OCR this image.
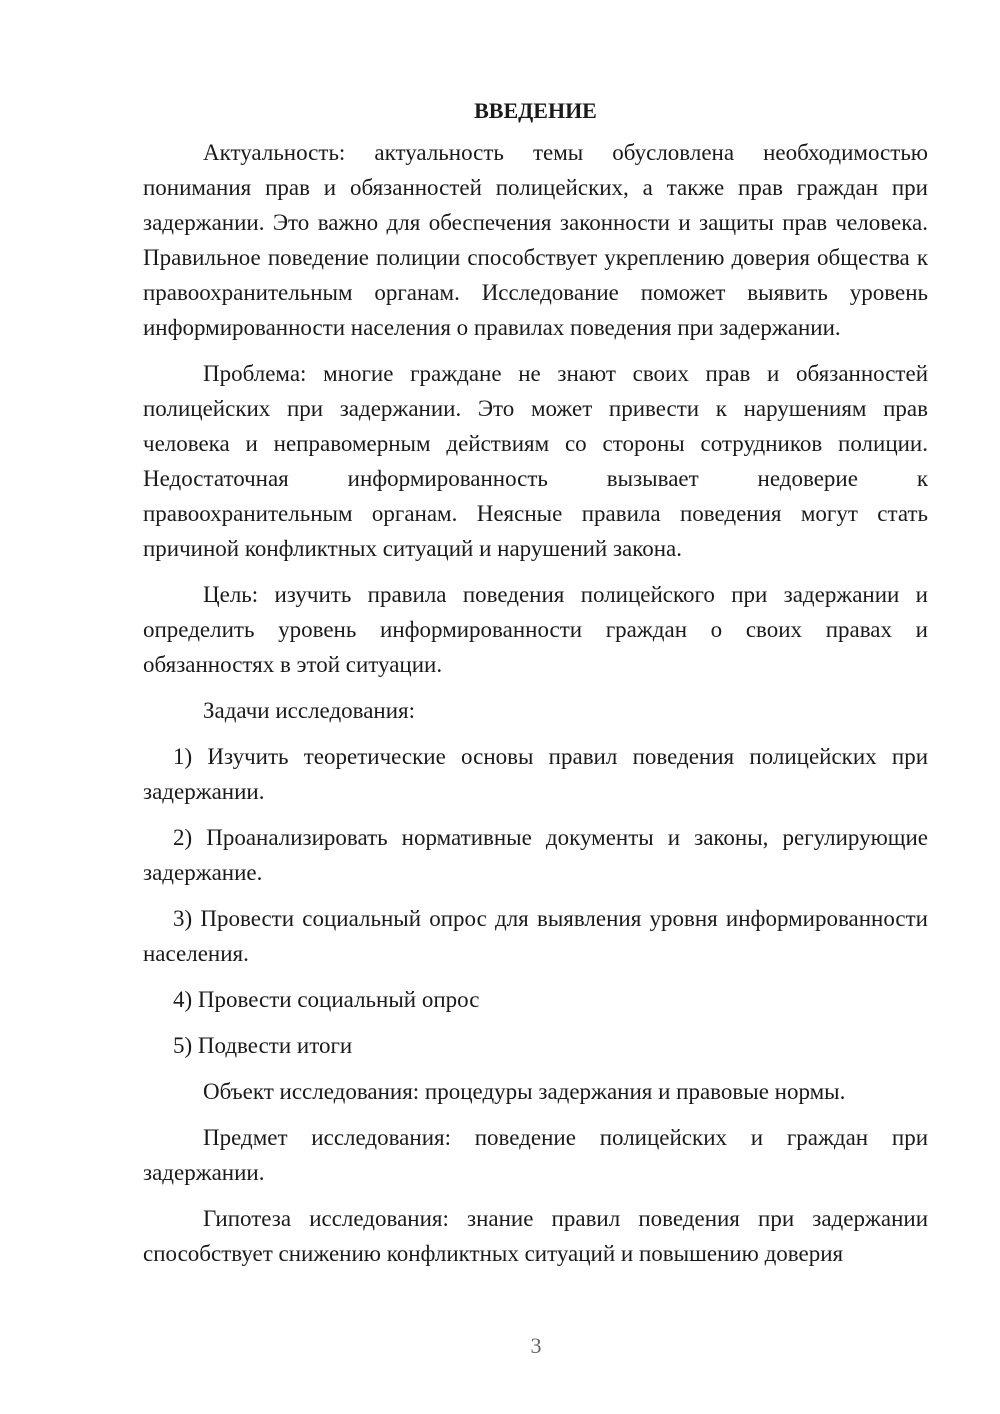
ВВЕДЕНИЕ

Актуальность: актуальность темы обусловлена необходимостью понимания прав и обязанностей полицейских, а также прав граждан при задержании. Это важно для обеспечения законности и защиты прав человека. Правильное поведение полиции способствует укреплению доверия общества к правоохранительным органам. Исследование поможет выявить уровень информированности населения о правилах поведения при задержании.

Проблема: многие граждане не знают своих прав и обязанностей полицейских при задержании. Это может привести к нарушениям прав человека и неправомерным действиям со стороны сотрудников полиции. Недостаточная информированность вызывает недоверие к правоохранительным органам. Неясные правила поведения могут стать причиной конфликтных ситуаций и нарушений закона.

Цель: изучить правила поведения полицейского при задержании и определить уровень информированности граждан о своих правах и обязанностях в этой ситуации.

Задачи исследования:

1) Изучить теоретические основы правил поведения полицейских при задержании.

2) Проанализировать нормативные документы и законы, регулирующие задержание.

3) Провести социальный опрос для выявления уровня информированности населения.

4) Провести социальный опрос

5) Подвести итоги

Объект исследования: процедуры задержания и правовые нормы.

Предмет исследования: поведение полицейских и граждан при задержании.

Гипотеза исследования: знание правил поведения при задержании способствует снижению конфликтных ситуаций и повышению доверия

3
